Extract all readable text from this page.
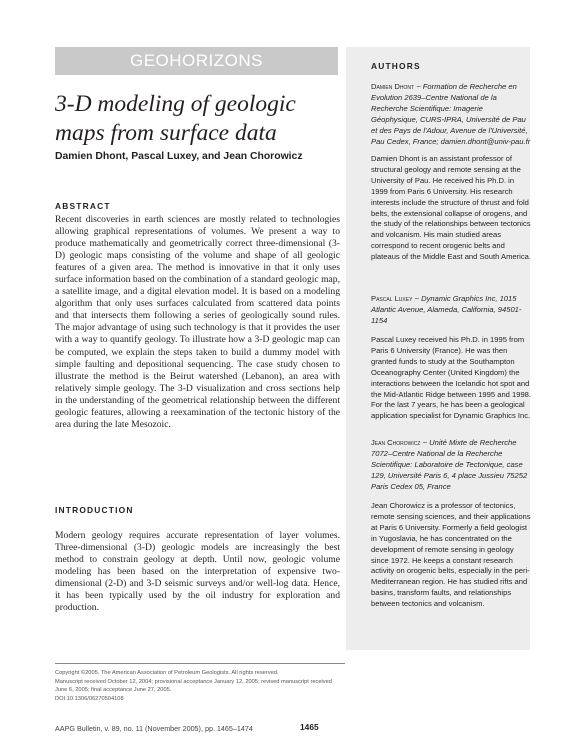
GEOHORIZONS
3-D modeling of geologic maps from surface data
Damien Dhont, Pascal Luxey, and Jean Chorowicz
ABSTRACT
Recent discoveries in earth sciences are mostly related to technologies allowing graphical representations of volumes. We present a way to produce mathematically and geometrically correct three-dimensional (3-D) geologic maps consisting of the volume and shape of all geologic features of a given area. The method is innovative in that it only uses surface information based on the combination of a standard geologic map, a satellite image, and a digital elevation model. It is based on a modeling algorithm that only uses surfaces calculated from scattered data points and that intersects them following a series of geologically sound rules. The major advantage of using such technology is that it provides the user with a way to quantify geology. To illustrate how a 3-D geologic map can be computed, we explain the steps taken to build a dummy model with simple faulting and depositional sequencing. The case study chosen to illustrate the method is the Beirut watershed (Lebanon), an area with relatively simple geology. The 3-D visualization and cross sections help in the understanding of the geometrical relationship between the different geologic features, allowing a reexamination of the tectonic history of the area during the late Mesozoic.
INTRODUCTION
Modern geology requires accurate representation of layer volumes. Three-dimensional (3-D) geologic models are increasingly the best method to constrain geology at depth. Until now, geologic volume modeling has been based on the interpretation of expensive two-dimensional (2-D) and 3-D seismic surveys and/or well-log data. Hence, it has been typically used by the oil industry for exploration and production.
Copyright ©2005. The American Association of Petroleum Geologists. All rights reserved.
Manuscript received October 12, 2004; provisional acceptance January 12, 2005; revised manuscript received June 6, 2005; final acceptance June 27, 2005.
DOI:10.1306/06270504108
AAPG Bulletin, v. 89, no. 11 (November 2005), pp. 1465–1474	1465
AUTHORS
Damien Dhont ~ Formation de Recherche en Evolution 2639–Centre National de la Recherche Scientifique: Imagerie Géophysique, CURS-IPRA, Université de Pau et des Pays de l'Adour, Avenue de l'Université, Pau Cedex, France; damien.dhont@univ-pau.fr
Damien Dhont is an assistant professor of structural geology and remote sensing at the University of Pau. He received his Ph.D. in 1999 from Paris 6 University. His research interests include the structure of thrust and fold belts, the extensional collapse of orogens, and the study of the relationships between tectonics and volcanism. His main studied areas correspond to recent orogenic belts and plateaus of the Middle East and South America.
Pascal Luxey ~ Dynamic Graphics Inc, 1015 Atlantic Avenue, Alameda, California, 94501-1154
Pascal Luxey received his Ph.D. in 1995 from Paris 6 University (France). He was then granted funds to study at the Southampton Oceanography Center (United Kingdom) the interactions between the Icelandic hot spot and the Mid-Atlantic Ridge between 1995 and 1998. For the last 7 years, he has been a geological application specialist for Dynamic Graphics Inc.
Jean Chorowicz ~ Unité Mixte de Recherche 7072–Centre National de la Recherche Scientifique: Laboratoire de Tectonique, case 129, Université Paris 6, 4 place Jussieu 75252 Paris Cedex 05, France
Jean Chorowicz is a professor of tectonics, remote sensing sciences, and their applications at Paris 6 University. Formerly a field geologist in Yugoslavia, he has concentrated on the development of remote sensing in geology since 1972. He keeps a constant research activity on orogenic belts, especially in the peri-Mediterranean region. He has studied rifts and basins, transform faults, and relationships between tectonics and volcanism.
